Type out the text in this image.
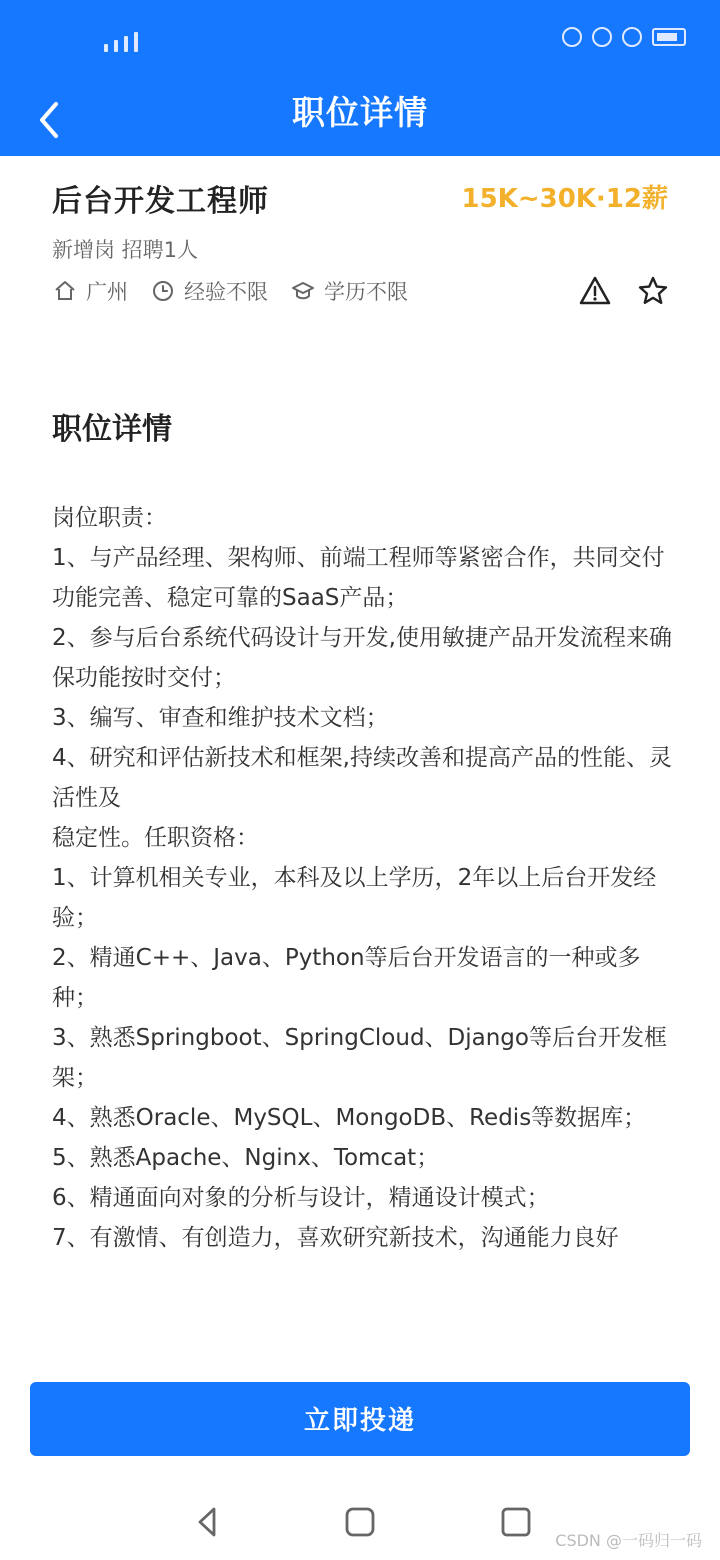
职位详情
后台开发工程师	15K~30K·12薪
新增岗 招聘1人
广州	经验不限	学历不限
职位详情

岗位职责：

1、与产品经理、架构师、前端工程师等紧密合作，共同交付功能完善、稳定可靠的SaaS产品；

2、参与后台系统代码设计与开发,使用敏捷产品开发流程来确保功能按时交付；

3、编写、审查和维护技术文档；

4、研究和评估新技术和框架,持续改善和提高产品的性能、灵活性及

稳定性。任职资格：

1、计算机相关专业，本科及以上学历，2年以上后台开发经验；

2、精通C++、Java、Python等后台开发语言的一种或多种；

3、熟悉Springboot、SpringCloud、Django等后台开发框架；

4、熟悉Oracle、MySQL、MongoDB、Redis等数据库；

5、熟悉Apache、Nginx、Tomcat；

6、精通面向对象的分析与设计，精通设计模式；

7、有激情、有创造力，喜欢研究新技术，沟通能力良好

立即投递
CSDN @一码归一码
